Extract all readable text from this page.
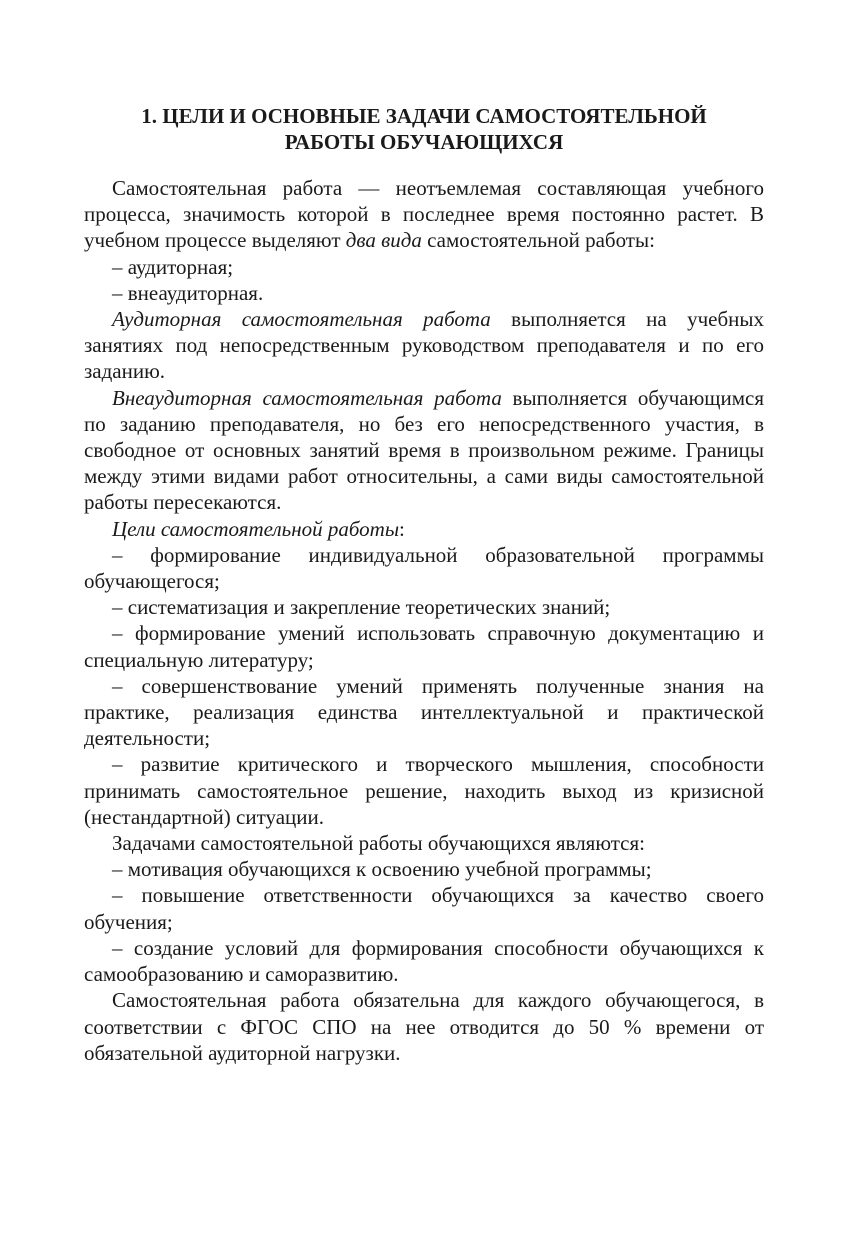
1. ЦЕЛИ И ОСНОВНЫЕ ЗАДАЧИ САМОСТОЯТЕЛЬНОЙ
РАБОТЫ ОБУЧАЮЩИХСЯ

Самостоятельная работа — неотъемлемая составляющая учебного процесса, значимость которой в последнее время постоянно растет. В учебном процессе выделяют два вида самостоятельной работы:

– аудиторная;

– внеаудиторная.

Аудиторная самостоятельная работа выполняется на учебных занятиях под непосредственным руководством преподавателя и по его заданию.

Внеаудиторная самостоятельная работа выполняется обучающимся по заданию преподавателя, но без его непосредственного участия, в свободное от основных занятий время в произвольном режиме. Границы между этими видами работ относительны, а сами виды самостоятельной работы пересекаются.

Цели самостоятельной работы:

– формирование индивидуальной образовательной программы обучающегося;

– систематизация и закрепление теоретических знаний;

– формирование умений использовать справочную документацию и специальную литературу;

– совершенствование умений применять полученные знания на практике, реализация единства интеллектуальной и практической деятельности;

– развитие критического и творческого мышления, способности принимать самостоятельное решение, находить выход из кризисной (нестандартной) ситуации.

Задачами самостоятельной работы обучающихся являются:

– мотивация обучающихся к освоению учебной программы;

– повышение ответственности обучающихся за качество своего обучения;

– создание условий для формирования способности обучающихся к самообразованию и саморазвитию.

Самостоятельная работа обязательна для каждого обучающегося, в соответствии с ФГОС СПО на нее отводится до 50 % времени от обязательной аудиторной нагрузки.
